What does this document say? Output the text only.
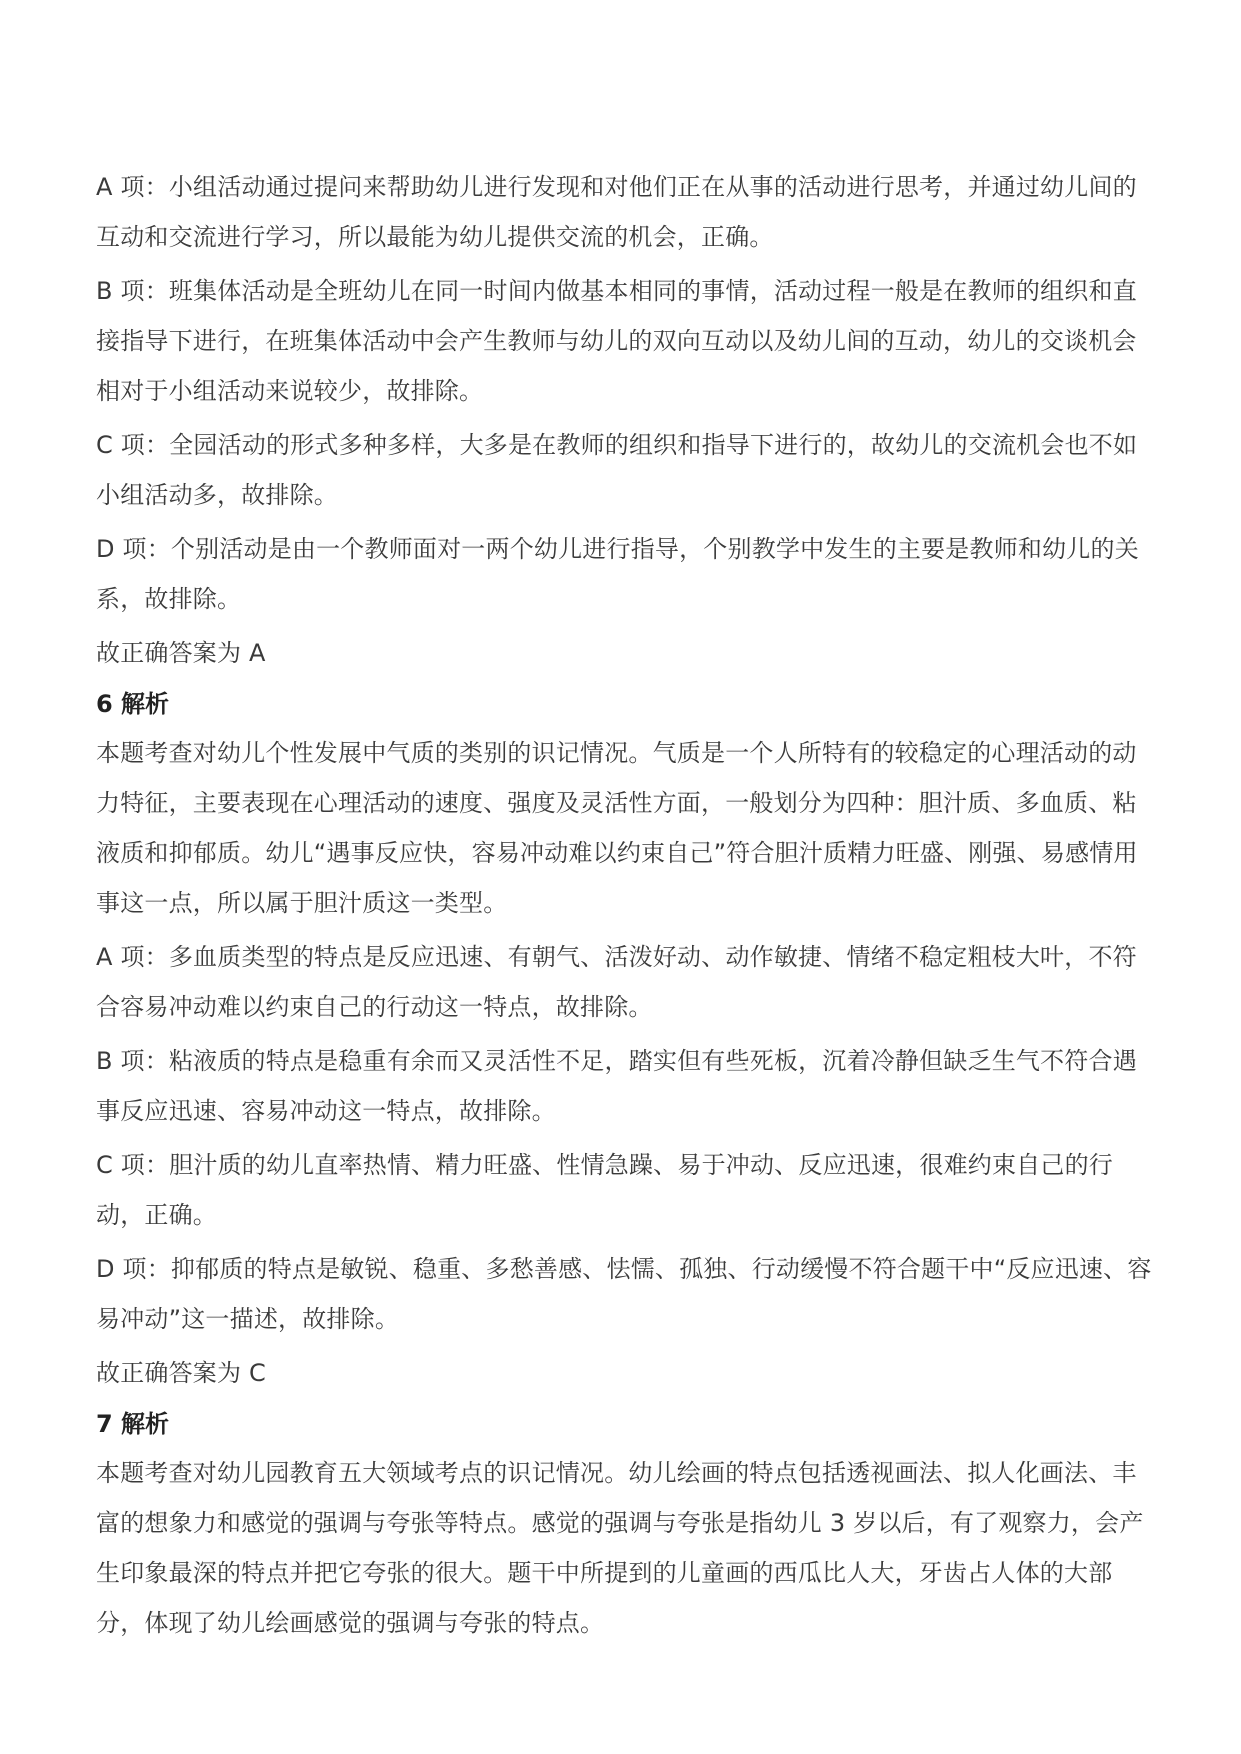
A 项：小组活动通过提问来帮助幼儿进行发现和对他们正在从事的活动进行思考，并通过幼儿间的互动和交流进行学习，所以最能为幼儿提供交流的机会，正确。

B 项：班集体活动是全班幼儿在同一时间内做基本相同的事情，活动过程一般是在教师的组织和直接指导下进行，在班集体活动中会产生教师与幼儿的双向互动以及幼儿间的互动，幼儿的交谈机会相对于小组活动来说较少，故排除。

C 项：全园活动的形式多种多样，大多是在教师的组织和指导下进行的，故幼儿的交流机会也不如小组活动多，故排除。

D 项：个别活动是由一个教师面对一两个幼儿进行指导，个别教学中发生的主要是教师和幼儿的关系，故排除。

故正确答案为 A

6 解析

本题考查对幼儿个性发展中气质的类别的识记情况。气质是一个人所特有的较稳定的心理活动的动力特征，主要表现在心理活动的速度、强度及灵活性方面，一般划分为四种：胆汁质、多血质、粘液质和抑郁质。幼儿“遇事反应快，容易冲动难以约束自己”符合胆汁质精力旺盛、刚强、易感情用事这一点，所以属于胆汁质这一类型。

A 项：多血质类型的特点是反应迅速、有朝气、活泼好动、动作敏捷、情绪不稳定粗枝大叶，不符合容易冲动难以约束自己的行动这一特点，故排除。

B 项：粘液质的特点是稳重有余而又灵活性不足，踏实但有些死板，沉着冷静但缺乏生气不符合遇事反应迅速、容易冲动这一特点，故排除。

C 项：胆汁质的幼儿直率热情、精力旺盛、性情急躁、易于冲动、反应迅速，很难约束自己的行动，正确。

D 项：抑郁质的特点是敏锐、稳重、多愁善感、怯懦、孤独、行动缓慢不符合题干中“反应迅速、容易冲动”这一描述，故排除。

故正确答案为 C

7 解析

本题考查对幼儿园教育五大领域考点的识记情况。幼儿绘画的特点包括透视画法、拟人化画法、丰富的想象力和感觉的强调与夸张等特点。感觉的强调与夸张是指幼儿 3 岁以后，有了观察力，会产生印象最深的特点并把它夸张的很大。题干中所提到的儿童画的西瓜比人大，牙齿占人体的大部分，体现了幼儿绘画感觉的强调与夸张的特点。
